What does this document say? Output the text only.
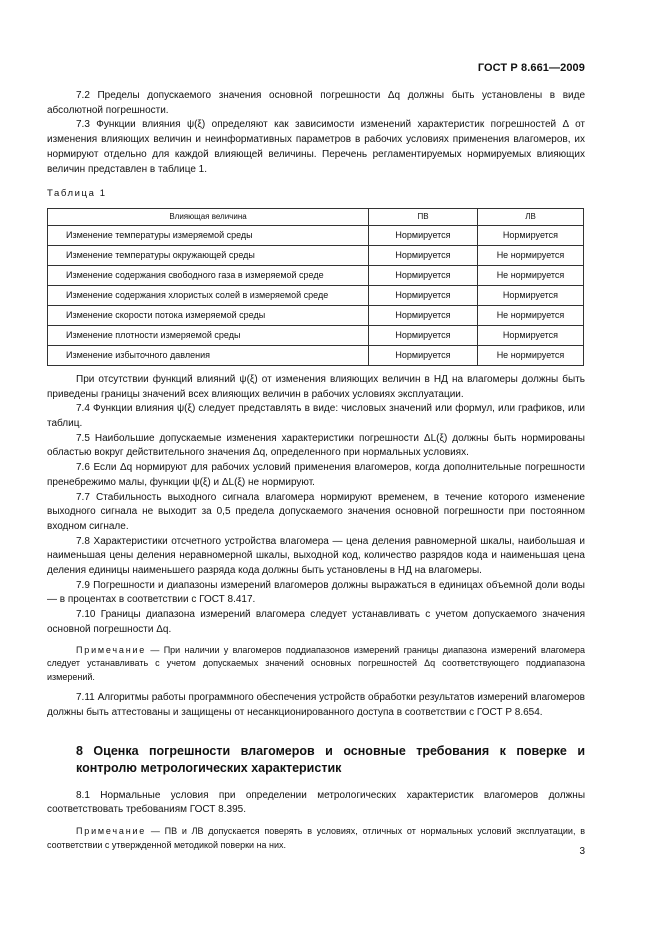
ГОСТ Р 8.661—2009

7.2 Пределы допускаемого значения основной погрешности Δq должны быть установлены в виде абсолютной погрешности.

7.3 Функции влияния ψ(ξ) определяют как зависимости изменений характеристик погрешностей Δ от изменения влияющих величин и неинформативных параметров в рабочих условиях применения влагомеров, их нормируют отдельно для каждой влияющей величины. Перечень регламентируемых нормируемых влияющих величин представлен в таблице 1.

Таблица 1

Влияющая величина	ПВ	ЛВ
Изменение температуры измеряемой среды	Нормируется	Нормируется
Изменение температуры окружающей среды	Нормируется	Не нормируется
Изменение содержания свободного газа в измеряемой среде	Нормируется	Не нормируется
Изменение содержания хлористых солей в измеряемой среде	Нормируется	Нормируется
Изменение скорости потока измеряемой среды	Нормируется	Не нормируется
Изменение плотности измеряемой среды	Нормируется	Нормируется
Изменение избыточного давления	Нормируется	Не нормируется

При отсутствии функций влияний ψ(ξ) от изменения влияющих величин в НД на влагомеры должны быть приведены границы значений всех влияющих величин в рабочих условиях эксплуатации.

7.4 Функции влияния ψ(ξ) следует представлять в виде: числовых значений или формул, или графиков, или таблиц.

7.5 Наибольшие допускаемые изменения характеристики погрешности ΔL(ξ) должны быть нормированы областью вокруг действительного значения Δq, определенного при нормальных условиях.

7.6 Если Δq нормируют для рабочих условий применения влагомеров, когда дополнительные погрешности пренебрежимо малы, функции ψ(ξ) и ΔL(ξ) не нормируют.

7.7 Стабильность выходного сигнала влагомера нормируют временем, в течение которого изменение выходного сигнала не выходит за 0,5 предела допускаемого значения основной погрешности при постоянном входном сигнале.

7.8 Характеристики отсчетного устройства влагомера — цена деления равномерной шкалы, наибольшая и наименьшая цены деления неравномерной шкалы, выходной код, количество разрядов кода и наименьшая цена деления единицы наименьшего разряда кода должны быть установлены в НД на влагомеры.

7.9 Погрешности и диапазоны измерений влагомеров должны выражаться в единицах объемной доли воды — в процентах в соответствии с ГОСТ 8.417.

7.10 Границы диапазона измерений влагомера следует устанавливать с учетом допускаемого значения основной погрешности Δq.

Примечание — При наличии у влагомеров поддиапазонов измерений границы диапазона измерений влагомера следует устанавливать с учетом допускаемых значений основных погрешностей Δq соответствующего поддиапазона измерений.

7.11 Алгоритмы работы программного обеспечения устройств обработки результатов измерений влагомеров должны быть аттестованы и защищены от несанкционированного доступа в соответствии с ГОСТ Р 8.654.

8 Оценка погрешности влагомеров и основные требования к поверке и контролю метрологических характеристик

8.1 Нормальные условия при определении метрологических характеристик влагомеров должны соответствовать требованиям ГОСТ 8.395.

Примечание — ПВ и ЛВ допускается поверять в условиях, отличных от нормальных условий эксплуатации, в соответствии с утвержденной методикой поверки на них.

3
